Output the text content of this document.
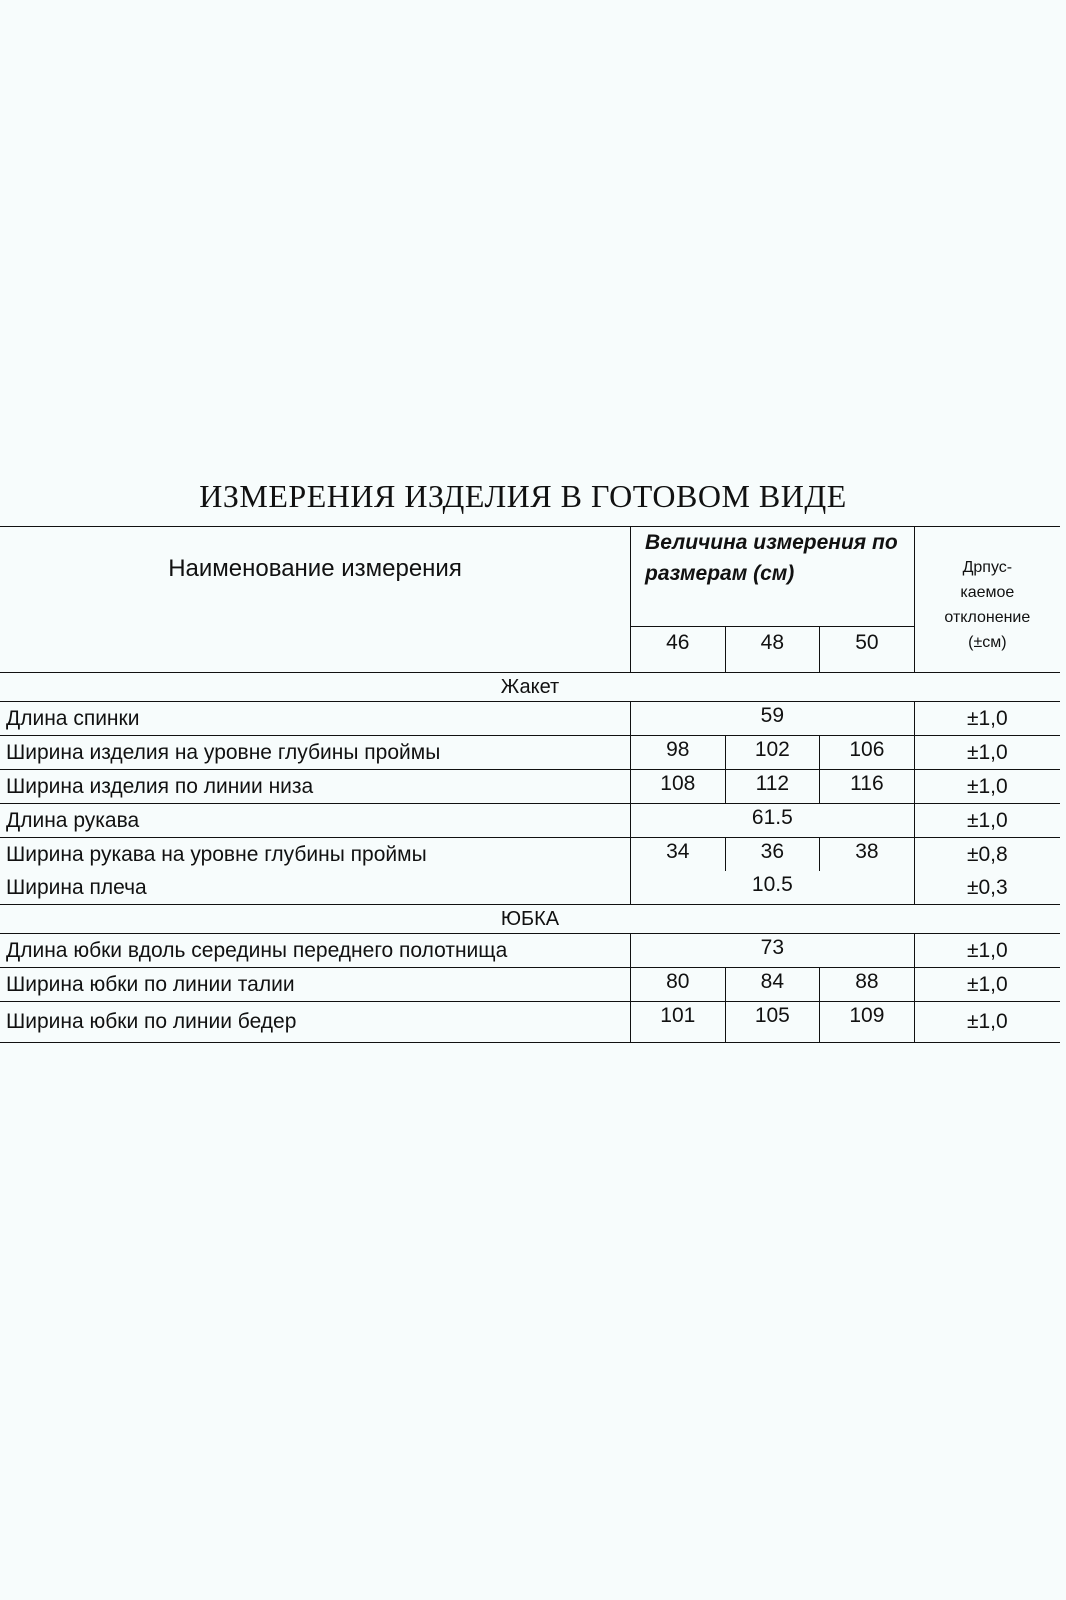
ИЗМЕРЕНИЯ ИЗДЕЛИЯ В ГОТОВОМ ВИДЕ
Наименование измерения	Величина измерения по размерам (см)			Дрпус-
каемое
отклонение
(±см)

	46	48	50	
Жакет				
Длина спинки	59			±1,0
Ширина изделия на уровне глубины проймы	98	102	106	±1,0
Ширина изделия по линии низа	108	112	116	±1,0
Длина рукава	61.5			±1,0
Ширина рукава на уровне глубины проймы	34	36	38	±0,8
Ширина плеча	10.5			±0,3
ЮБКА				
Длина юбки вдоль середины переднего полотнища	73			±1,0
Ширина юбки по линии талии	80	84	88	±1,0
Ширина юбки по линии бедер	101	105	109	±1,0
